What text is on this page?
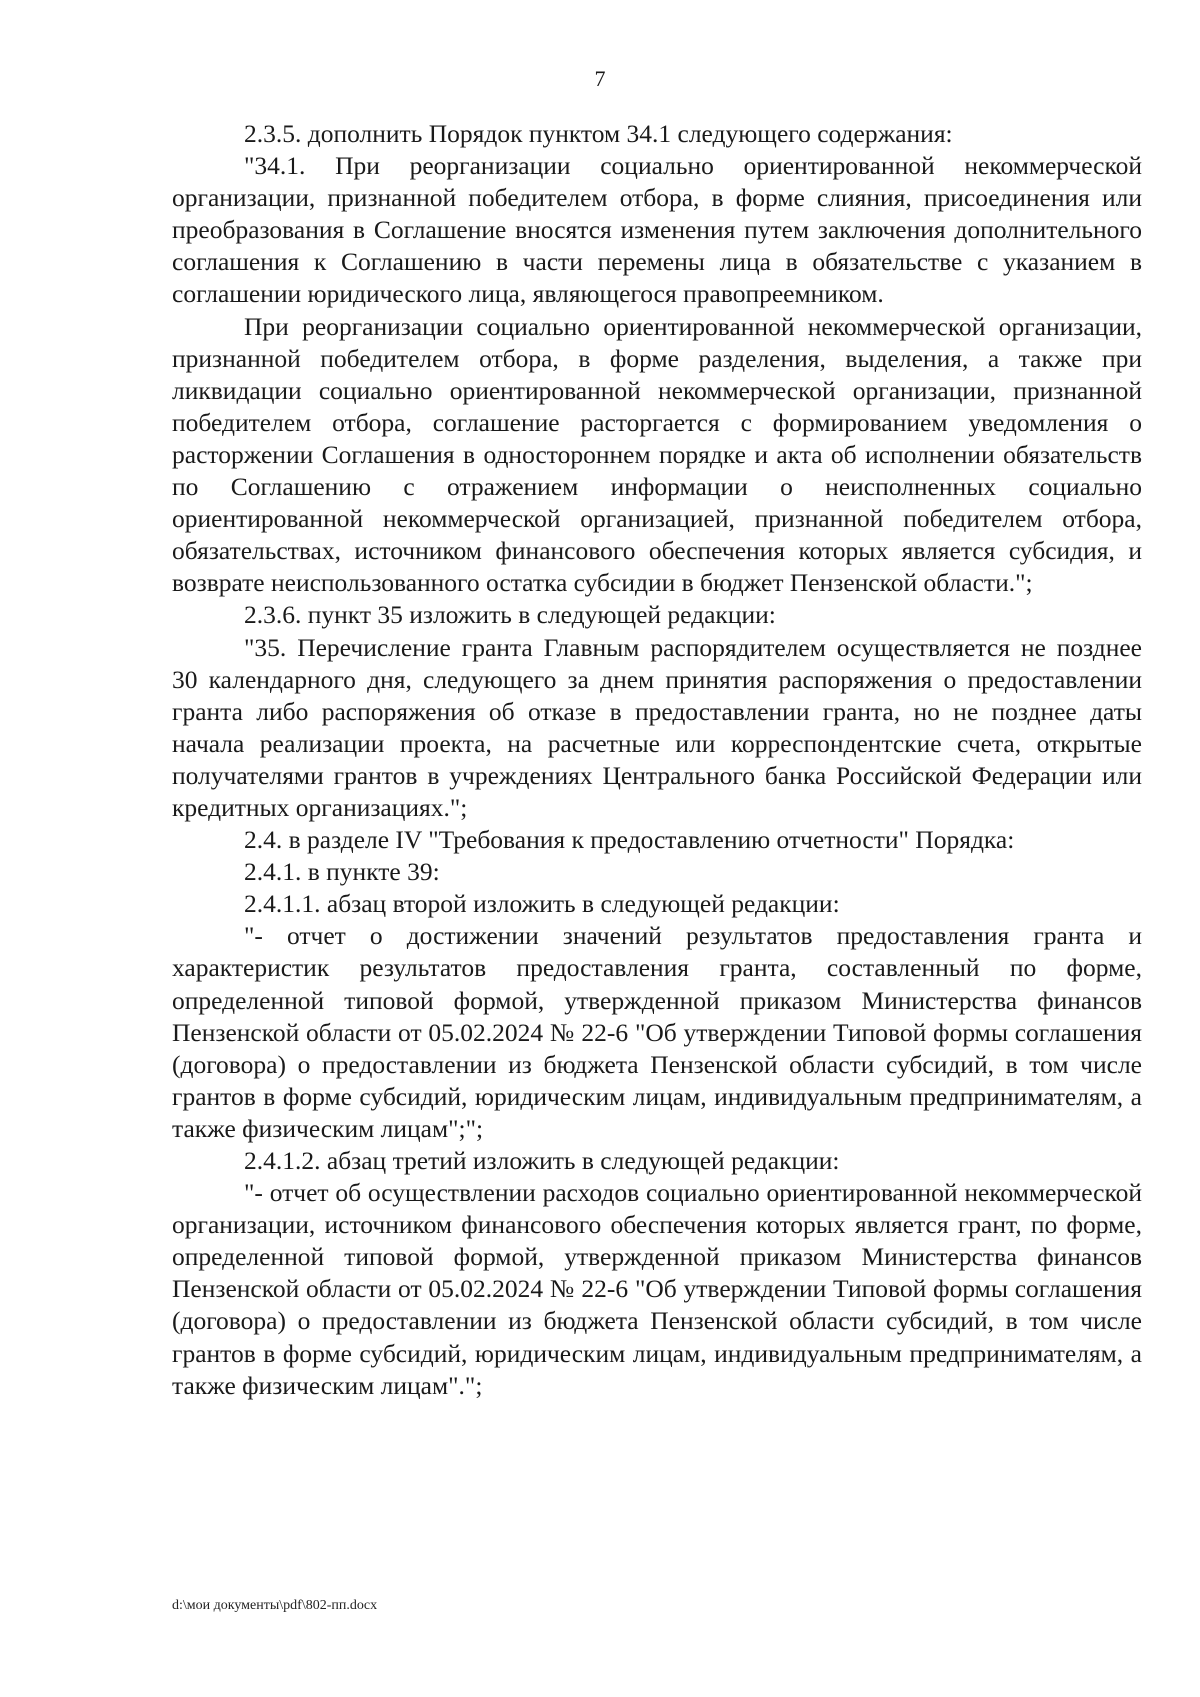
7

2.3.5. дополнить Порядок пунктом 34.1 следующего содержания:

"34.1. При реорганизации социально ориентированной некоммерческой организации, признанной победителем отбора, в форме слияния, присоединения или преобразования в Соглашение вносятся изменения путем заключения дополнительного соглашения к Соглашению в части перемены лица в обязательстве с указанием в соглашении юридического лица, являющегося правопреемником.

При реорганизации социально ориентированной некоммерческой организации, признанной победителем отбора, в форме разделения, выделения, а также при ликвидации социально ориентированной некоммерческой организации, признанной победителем отбора, соглашение расторгается с формированием уведомления о расторжении Соглашения в одностороннем порядке и акта об исполнении обязательств по Соглашению с отражением информации о неисполненных социально ориентированной некоммерческой организацией, признанной победителем отбора, обязательствах, источником финансового обеспечения которых является субсидия, и возврате неиспользованного остатка субсидии в бюджет Пензенской области.";

2.3.6. пункт 35 изложить в следующей редакции:

"35. Перечисление гранта Главным распорядителем осуществляется не позднее 30 календарного дня, следующего за днем принятия распоряжения о предоставлении гранта либо распоряжения об отказе в предоставлении гранта, но не позднее даты начала реализации проекта, на расчетные или корреспондентские счета, открытые получателями грантов в учреждениях Центрального банка Российской Федерации или кредитных организациях.";

2.4. в разделе IV "Требования к предоставлению отчетности" Порядка:

2.4.1. в пункте 39:

2.4.1.1. абзац второй изложить в следующей редакции:

"- отчет о достижении значений результатов предоставления гранта и характеристик результатов предоставления гранта, составленный по форме, определенной типовой формой, утвержденной приказом Министерства финансов Пензенской области от 05.02.2024 № 22-6 "Об утверждении Типовой формы соглашения (договора) о предоставлении из бюджета Пензенской области субсидий, в том числе грантов в форме субсидий, юридическим лицам, индивидуальным предпринимателям, а также физическим лицам";";

2.4.1.2. абзац третий изложить в следующей редакции:

"- отчет об осуществлении расходов социально ориентированной некоммерческой организации, источником финансового обеспечения которых является грант, по форме, определенной типовой формой, утвержденной приказом Министерства финансов Пензенской области от 05.02.2024 № 22-6 "Об утверждении Типовой формы соглашения (договора) о предоставлении из бюджета Пензенской области субсидий, в том числе грантов в форме субсидий, юридическим лицам, индивидуальным предпринимателям, а также физическим лицам".";

d:\мои документы\pdf\802-пп.docx
